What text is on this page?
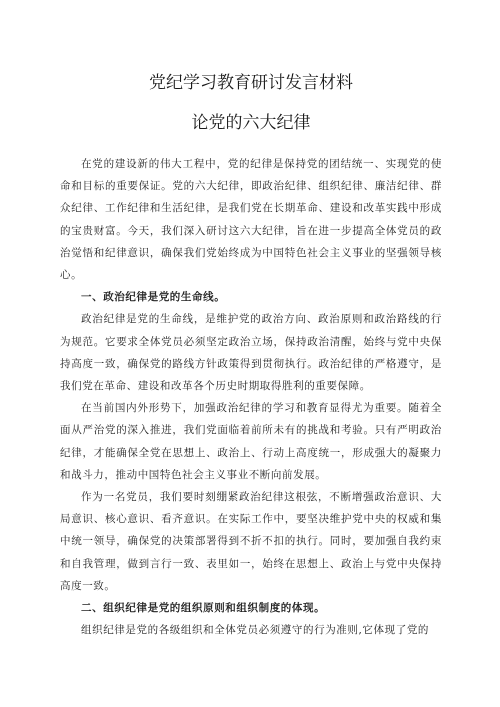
党纪学习教育研讨发言材料
论党的六大纪律

在党的建设新的伟大工程中，党的纪律是保持党的团结统一、实现党的使命和目标的重要保证。党的六大纪律，即政治纪律、组织纪律、廉洁纪律、群众纪律、工作纪律和生活纪律，是我们党在长期革命、建设和改革实践中形成的宝贵财富。今天，我们深入研讨这六大纪律，旨在进一步提高全体党员的政治觉悟和纪律意识，确保我们党始终成为中国特色社会主义事业的坚强领导核心。

一、政治纪律是党的生命线。

政治纪律是党的生命线，是维护党的政治方向、政治原则和政治路线的行为规范。它要求全体党员必须坚定政治立场，保持政治清醒，始终与党中央保持高度一致，确保党的路线方针政策得到贯彻执行。政治纪律的严格遵守，是我们党在革命、建设和改革各个历史时期取得胜利的重要保障。

在当前国内外形势下，加强政治纪律的学习和教育显得尤为重要。随着全面从严治党的深入推进，我们党面临着前所未有的挑战和考验。只有严明政治纪律，才能确保全党在思想上、政治上、行动上高度统一，形成强大的凝聚力和战斗力，推动中国特色社会主义事业不断向前发展。

作为一名党员，我们要时刻绷紧政治纪律这根弦，不断增强政治意识、大局意识、核心意识、看齐意识。在实际工作中，要坚决维护党中央的权威和集中统一领导，确保党的决策部署得到不折不扣的执行。同时，要加强自我约束和自我管理，做到言行一致、表里如一，始终在思想上、政治上与党中央保持高度一致。

二、组织纪律是党的组织原则和组织制度的体现。

组织纪律是党的各级组织和全体党员必须遵守的行为准则,它体现了党的
